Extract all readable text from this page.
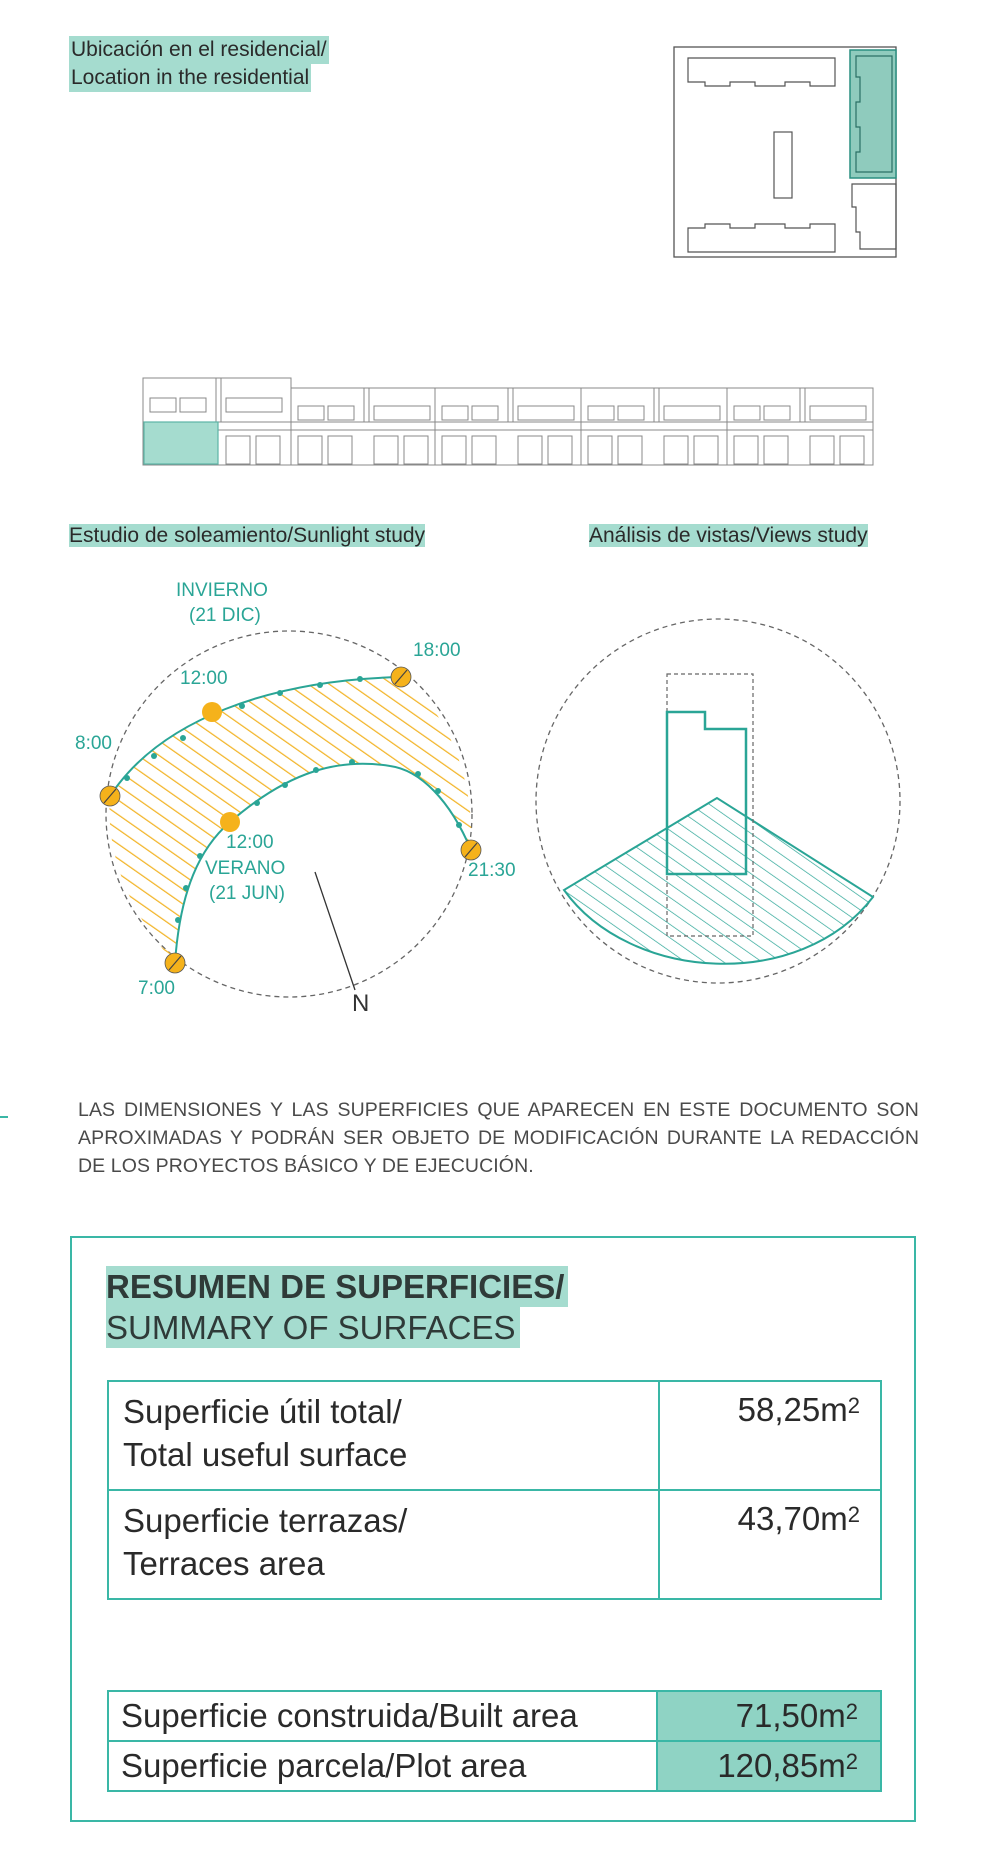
Ubicación en el residencial/
Location in the residential
Estudio de soleamiento/Sunlight study	Análisis de vistas/Views study
INVIERNO
(21 DIC)
8:00
12:00
18:00
12:00
VERANO
(21 JUN)
21:30
7:00
N
LAS DIMENSIONES Y LAS SUPERFICIES QUE APARECEN EN ESTE DOCUMENTO SON APROXIMADAS Y PODRÁN SER OBJETO DE MODIFICACIÓN DURANTE LA REDACCIÓN DE LOS PROYECTOS BÁSICO Y DE EJECUCIÓN.
RESUMEN DE SUPERFICIES/
SUMMARY OF SURFACES
Superficie útil total/
Total useful surface	$58,25m^2$

Superficie terrazas/
Terraces area	$43,70m^2$
Superficie construida/Built area	$71,50m^2$
Superficie parcela/Plot area	$120,85m^2$
